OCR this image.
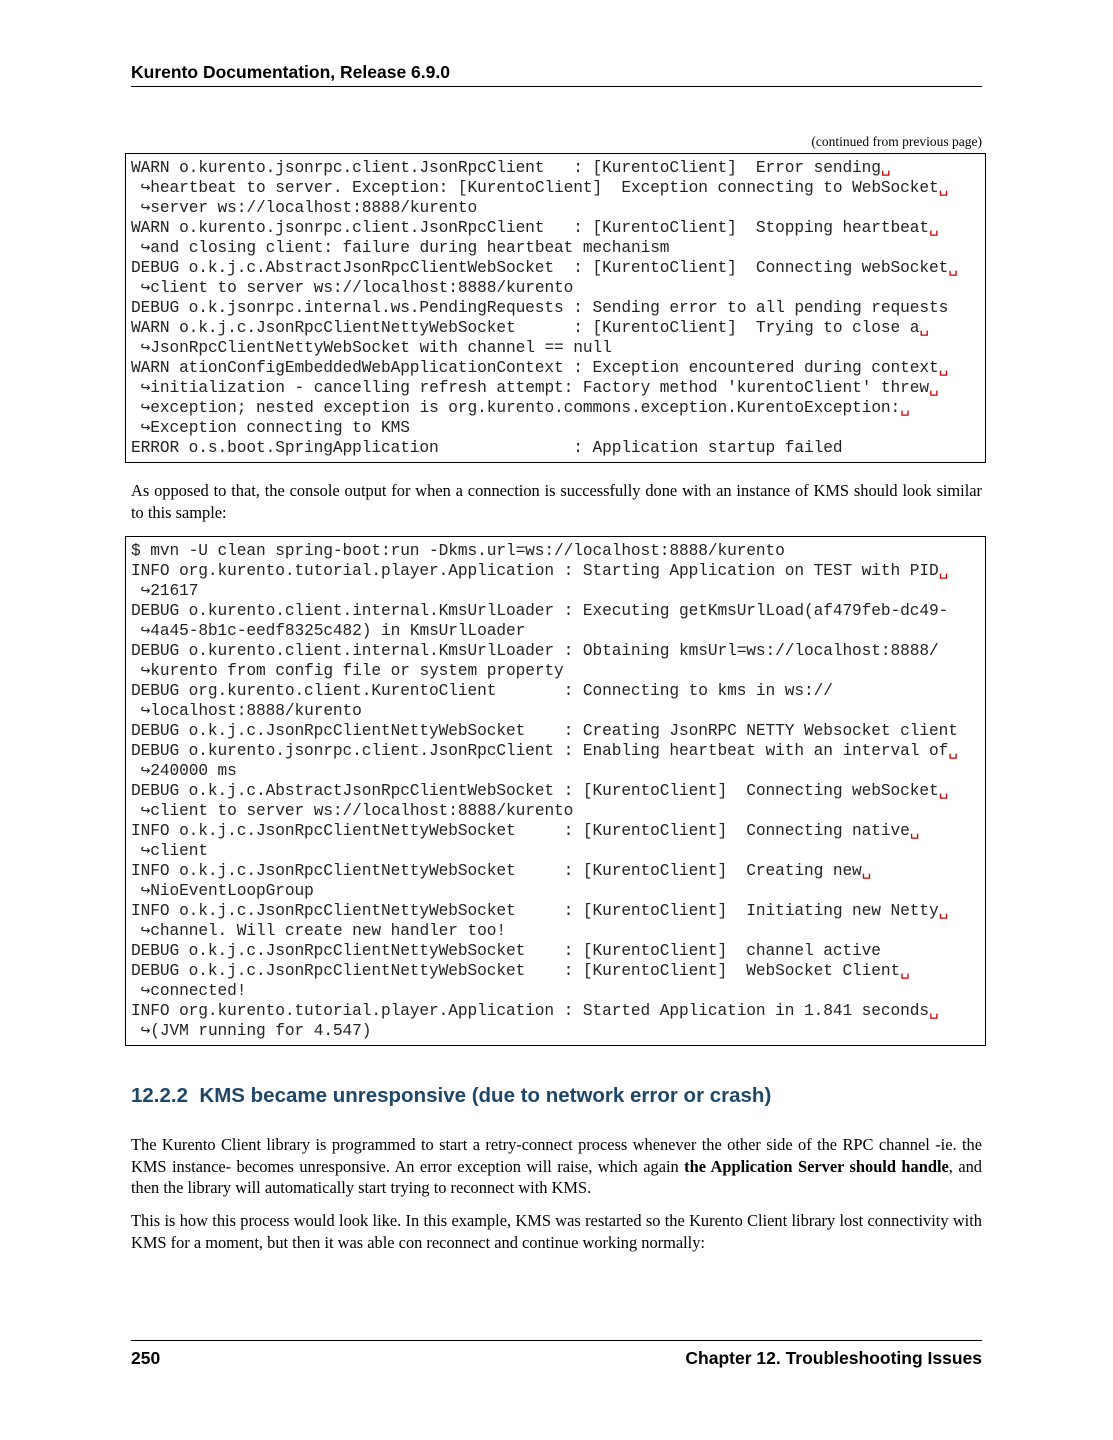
Kurento Documentation, Release 6.9.0
(continued from previous page)
WARN o.kurento.jsonrpc.client.JsonRpcClient   : [KurentoClient]  Error sending␣
↪heartbeat to server. Exception: [KurentoClient]  Exception connecting to WebSocket␣
↪server ws://localhost:8888/kurento
WARN o.kurento.jsonrpc.client.JsonRpcClient   : [KurentoClient]  Stopping heartbeat␣
↪and closing client: failure during heartbeat mechanism
DEBUG o.k.j.c.AbstractJsonRpcClientWebSocket  : [KurentoClient]  Connecting webSocket␣
↪client to server ws://localhost:8888/kurento
DEBUG o.k.jsonrpc.internal.ws.PendingRequests : Sending error to all pending requests
WARN o.k.j.c.JsonRpcClientNettyWebSocket      : [KurentoClient]  Trying to close a␣
↪JsonRpcClientNettyWebSocket with channel == null
WARN ationConfigEmbeddedWebApplicationContext : Exception encountered during context␣
↪initialization - cancelling refresh attempt: Factory method 'kurentoClient' threw␣
↪exception; nested exception is org.kurento.commons.exception.KurentoException:␣
↪Exception connecting to KMS
ERROR o.s.boot.SpringApplication              : Application startup failed
As opposed to that, the console output for when a connection is successfully done with an instance of KMS should look similar to this sample:
$ mvn -U clean spring-boot:run -Dkms.url=ws://localhost:8888/kurento
INFO org.kurento.tutorial.player.Application : Starting Application on TEST with PID␣
↪21617
DEBUG o.kurento.client.internal.KmsUrlLoader : Executing getKmsUrlLoad(af479feb-dc49-
↪4a45-8b1c-eedf8325c482) in KmsUrlLoader
DEBUG o.kurento.client.internal.KmsUrlLoader : Obtaining kmsUrl=ws://localhost:8888/
↪kurento from config file or system property
DEBUG org.kurento.client.KurentoClient       : Connecting to kms in ws://
↪localhost:8888/kurento
DEBUG o.k.j.c.JsonRpcClientNettyWebSocket    : Creating JsonRPC NETTY Websocket client
DEBUG o.kurento.jsonrpc.client.JsonRpcClient : Enabling heartbeat with an interval of␣
↪240000 ms
DEBUG o.k.j.c.AbstractJsonRpcClientWebSocket : [KurentoClient]  Connecting webSocket␣
↪client to server ws://localhost:8888/kurento
INFO o.k.j.c.JsonRpcClientNettyWebSocket     : [KurentoClient]  Connecting native␣
↪client
INFO o.k.j.c.JsonRpcClientNettyWebSocket     : [KurentoClient]  Creating new␣
↪NioEventLoopGroup
INFO o.k.j.c.JsonRpcClientNettyWebSocket     : [KurentoClient]  Initiating new Netty␣
↪channel. Will create new handler too!
DEBUG o.k.j.c.JsonRpcClientNettyWebSocket    : [KurentoClient]  channel active
DEBUG o.k.j.c.JsonRpcClientNettyWebSocket    : [KurentoClient]  WebSocket Client␣
↪connected!
INFO org.kurento.tutorial.player.Application : Started Application in 1.841 seconds␣
↪(JVM running for 4.547)
12.2.2 KMS became unresponsive (due to network error or crash)
The Kurento Client library is programmed to start a retry-connect process whenever the other side of the RPC channel -ie. the KMS instance- becomes unresponsive. An error exception will raise, which again the Application Server should handle, and then the library will automatically start trying to reconnect with KMS.
This is how this process would look like. In this example, KMS was restarted so the Kurento Client library lost connectivity with KMS for a moment, but then it was able con reconnect and continue working normally:
250	Chapter 12. Troubleshooting Issues
